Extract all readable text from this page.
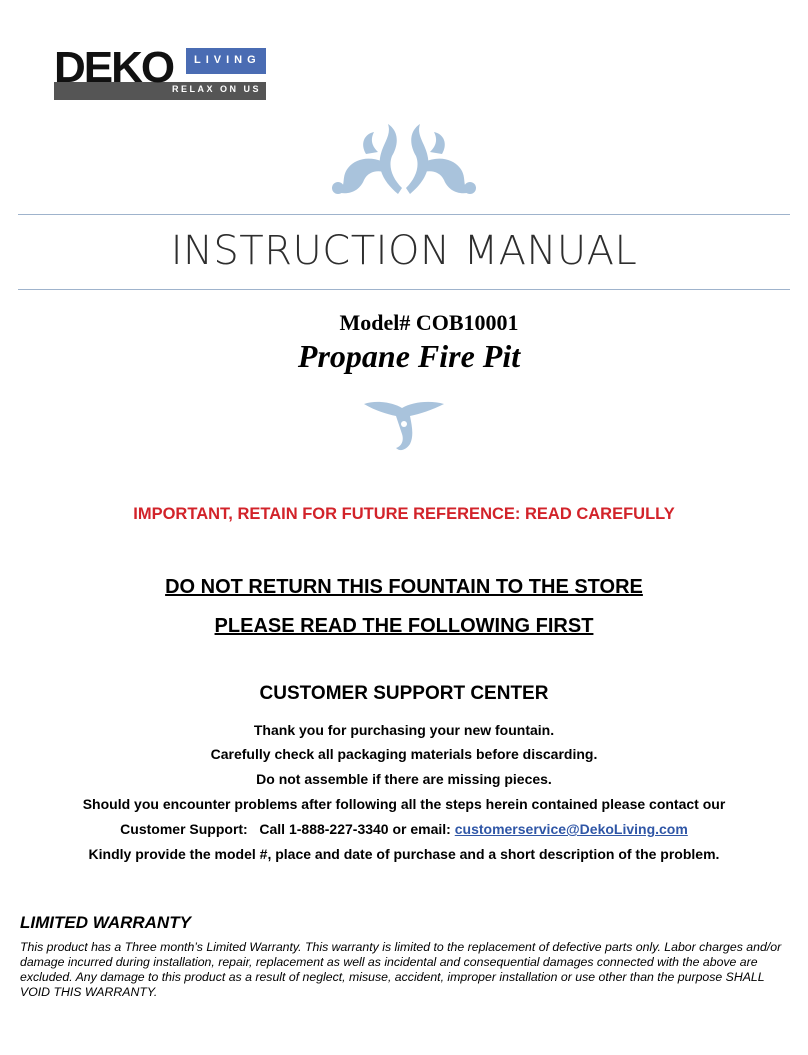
DEKO LIVING
RELAX ON US
INSTRUCTION MANUAL
Model# COB10001
Propane Fire Pit
IMPORTANT, RETAIN FOR FUTURE REFERENCE: READ CAREFULLY
DO NOT RETURN THIS FOUNTAIN TO THE STORE
PLEASE READ THE FOLLOWING FIRST
CUSTOMER SUPPORT CENTER
Thank you for purchasing your new fountain.
Carefully check all packaging materials before discarding.
Do not assemble if there are missing pieces.
Should you encounter problems after following all the steps herein contained please contact our
Customer Support:   Call 1-888-227-3340 or email: customerservice@DekoLiving.com
Kindly provide the model #, place and date of purchase and a short description of the problem.
LIMITED WARRANTY
This product has a Three month’s Limited Warranty. This warranty is limited to the replacement of defective parts only. Labor charges and/or damage incurred during installation, repair, replacement as well as incidental and consequential damages connected with the above are excluded. Any damage to this product as a result of neglect, misuse, accident, improper installation or use other than the purpose SHALL VOID THIS WARRANTY.
